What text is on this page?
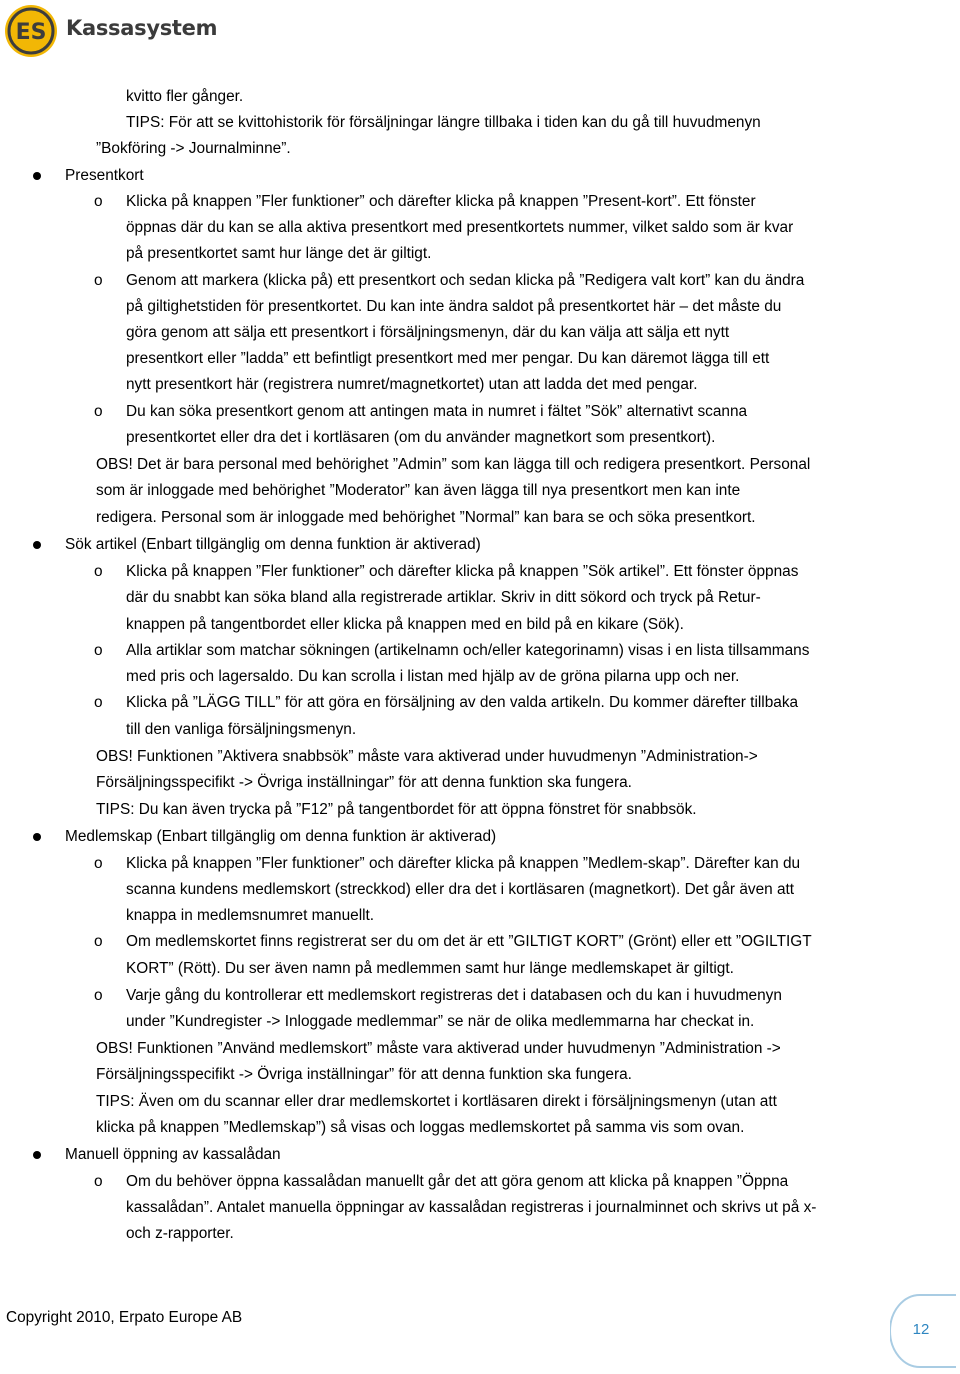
ES Kassasystem
kvitto fler gånger.
TIPS: För att se kvittohistorik för försäljningar längre tillbaka i tiden kan du gå till huvudmenyn
”Bokföring -> Journalminne”.
Presentkort
o Klicka på knappen ”Fler funktioner” och därefter klicka på knappen ”Present-kort”. Ett fönster
öppnas där du kan se alla aktiva presentkort med presentkortets nummer, vilket saldo som är kvar
på presentkortet samt hur länge det är giltigt.
o Genom att markera (klicka på) ett presentkort och sedan klicka på ”Redigera valt kort” kan du ändra
på giltighetstiden för presentkortet. Du kan inte ändra saldot på presentkortet här – det måste du
göra genom att sälja ett presentkort i försäljningsmenyn, där du kan välja att sälja ett nytt
presentkort eller ”ladda” ett befintligt presentkort med mer pengar. Du kan däremot lägga till ett
nytt presentkort här (registrera numret/magnetkortet) utan att ladda det med pengar.
o Du kan söka presentkort genom att antingen mata in numret i fältet ”Sök” alternativt scanna
presentkortet eller dra det i kortläsaren (om du använder magnetkort som presentkort).
OBS! Det är bara personal med behörighet ”Admin” som kan lägga till och redigera presentkort. Personal
som är inloggade med behörighet ”Moderator” kan även lägga till nya presentkort men kan inte
redigera. Personal som är inloggade med behörighet ”Normal” kan bara se och söka presentkort.
Sök artikel (Enbart tillgänglig om denna funktion är aktiverad)
o Klicka på knappen ”Fler funktioner” och därefter klicka på knappen ”Sök artikel”. Ett fönster öppnas
där du snabbt kan söka bland alla registrerade artiklar. Skriv in ditt sökord och tryck på Retur-
knappen på tangentbordet eller klicka på knappen med en bild på en kikare (Sök).
o Alla artiklar som matchar sökningen (artikelnamn och/eller kategorinamn) visas i en lista tillsammans
med pris och lagersaldo. Du kan scrolla i listan med hjälp av de gröna pilarna upp och ner.
o Klicka på ”LÄGG TILL” för att göra en försäljning av den valda artikeln. Du kommer därefter tillbaka
till den vanliga försäljningsmenyn.
OBS! Funktionen ”Aktivera snabbsök” måste vara aktiverad under huvudmenyn ”Administration->
Försäljningsspecifikt -> Övriga inställningar” för att denna funktion ska fungera.
TIPS: Du kan även trycka på ”F12” på tangentbordet för att öppna fönstret för snabbsök.
Medlemskap (Enbart tillgänglig om denna funktion är aktiverad)
o Klicka på knappen ”Fler funktioner” och därefter klicka på knappen ”Medlem-skap”. Därefter kan du
scanna kundens medlemskort (streckkod) eller dra det i kortläsaren (magnetkort). Det går även att
knappa in medlemsnumret manuellt.
o Om medlemskortet finns registrerat ser du om det är ett ”GILTIGT KORT” (Grönt) eller ett ”OGILTIGT
KORT” (Rött). Du ser även namn på medlemmen samt hur länge medlemskapet är giltigt.
o Varje gång du kontrollerar ett medlemskort registreras det i databasen och du kan i huvudmenyn
under ”Kundregister -> Inloggade medlemmar” se när de olika medlemmarna har checkat in.
OBS! Funktionen ”Använd medlemskort” måste vara aktiverad under huvudmenyn ”Administration ->
Försäljningsspecifikt -> Övriga inställningar” för att denna funktion ska fungera.
TIPS: Även om du scannar eller drar medlemskortet i kortläsaren direkt i försäljningsmenyn (utan att
klicka på knappen ”Medlemskap”) så visas och loggas medlemskortet på samma vis som ovan.
Manuell öppning av kassalådan
o Om du behöver öppna kassalådan manuellt går det att göra genom att klicka på knappen ”Öppna
kassalådan”. Antalet manuella öppningar av kassalådan registreras i journalminnet och skrivs ut på x-
och z-rapporter.
Copyright 2010, Erpato Europe AB
12
